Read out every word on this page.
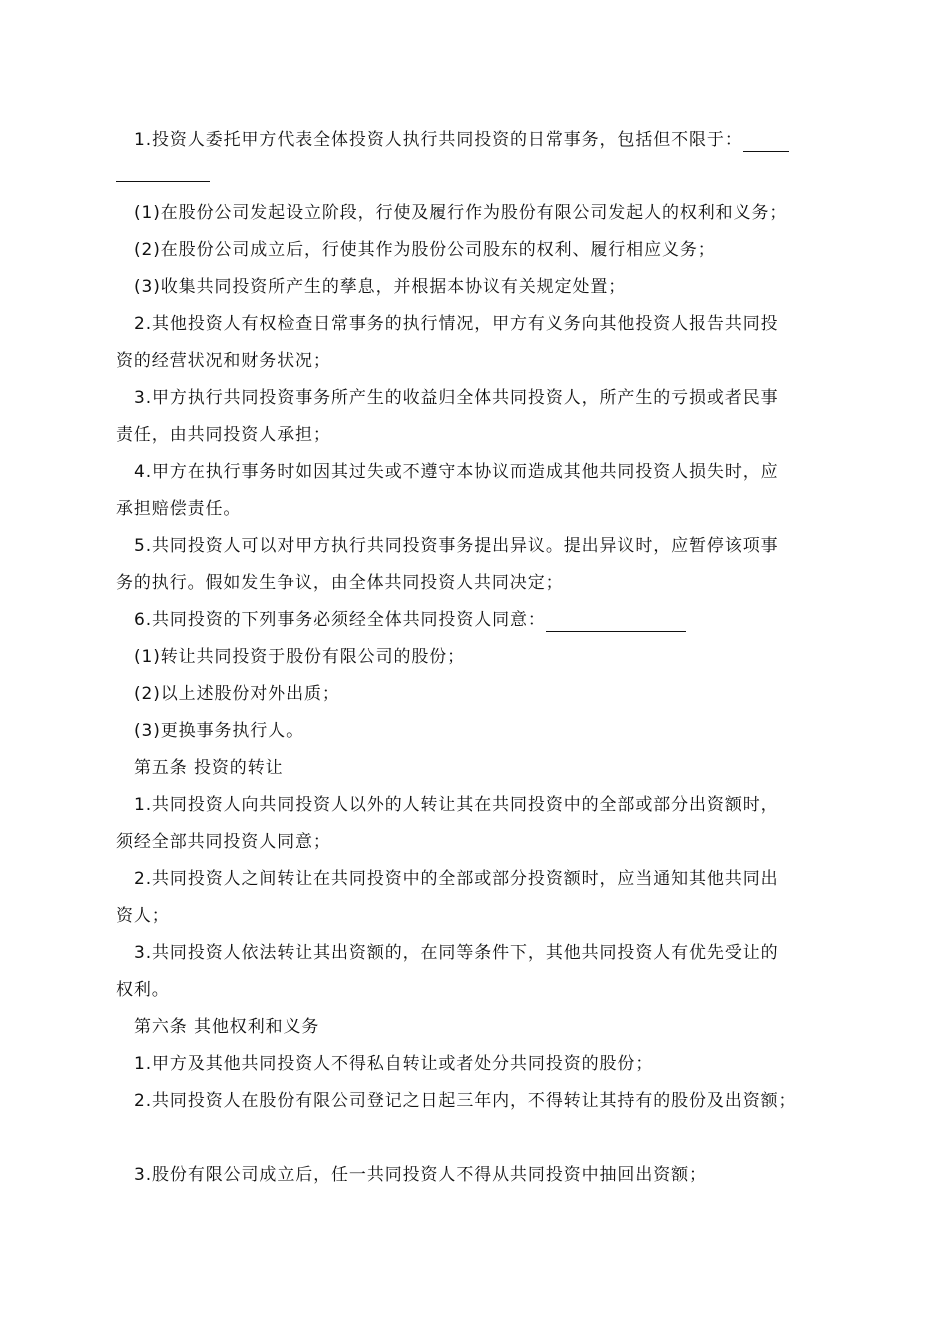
1.投资人委托甲方代表全体投资人执行共同投资的日常事务，包括但不限于：

(1)在股份公司发起设立阶段，行使及履行作为股份有限公司发起人的权利和义务；

(2)在股份公司成立后，行使其作为股份公司股东的权利、履行相应义务；

(3)收集共同投资所产生的孳息，并根据本协议有关规定处置；

2.其他投资人有权检查日常事务的执行情况，甲方有义务向其他投资人报告共同投

资的经营状况和财务状况；

3.甲方执行共同投资事务所产生的收益归全体共同投资人，所产生的亏损或者民事

责任，由共同投资人承担；

4.甲方在执行事务时如因其过失或不遵守本协议而造成其他共同投资人损失时，应

承担赔偿责任。

5.共同投资人可以对甲方执行共同投资事务提出异议。提出异议时，应暂停该项事

务的执行。假如发生争议，由全体共同投资人共同决定；

6.共同投资的下列事务必须经全体共同投资人同意：

(1)转让共同投资于股份有限公司的股份；

(2)以上述股份对外出质；

(3)更换事务执行人。

第五条 投资的转让

1.共同投资人向共同投资人以外的人转让其在共同投资中的全部或部分出资额时，

须经全部共同投资人同意；

2.共同投资人之间转让在共同投资中的全部或部分投资额时，应当通知其他共同出

资人；

3.共同投资人依法转让其出资额的，在同等条件下，其他共同投资人有优先受让的

权利。

第六条 其他权利和义务

1.甲方及其他共同投资人不得私自转让或者处分共同投资的股份；

2.共同投资人在股份有限公司登记之日起三年内，不得转让其持有的股份及出资额；

3.股份有限公司成立后，任一共同投资人不得从共同投资中抽回出资额；
